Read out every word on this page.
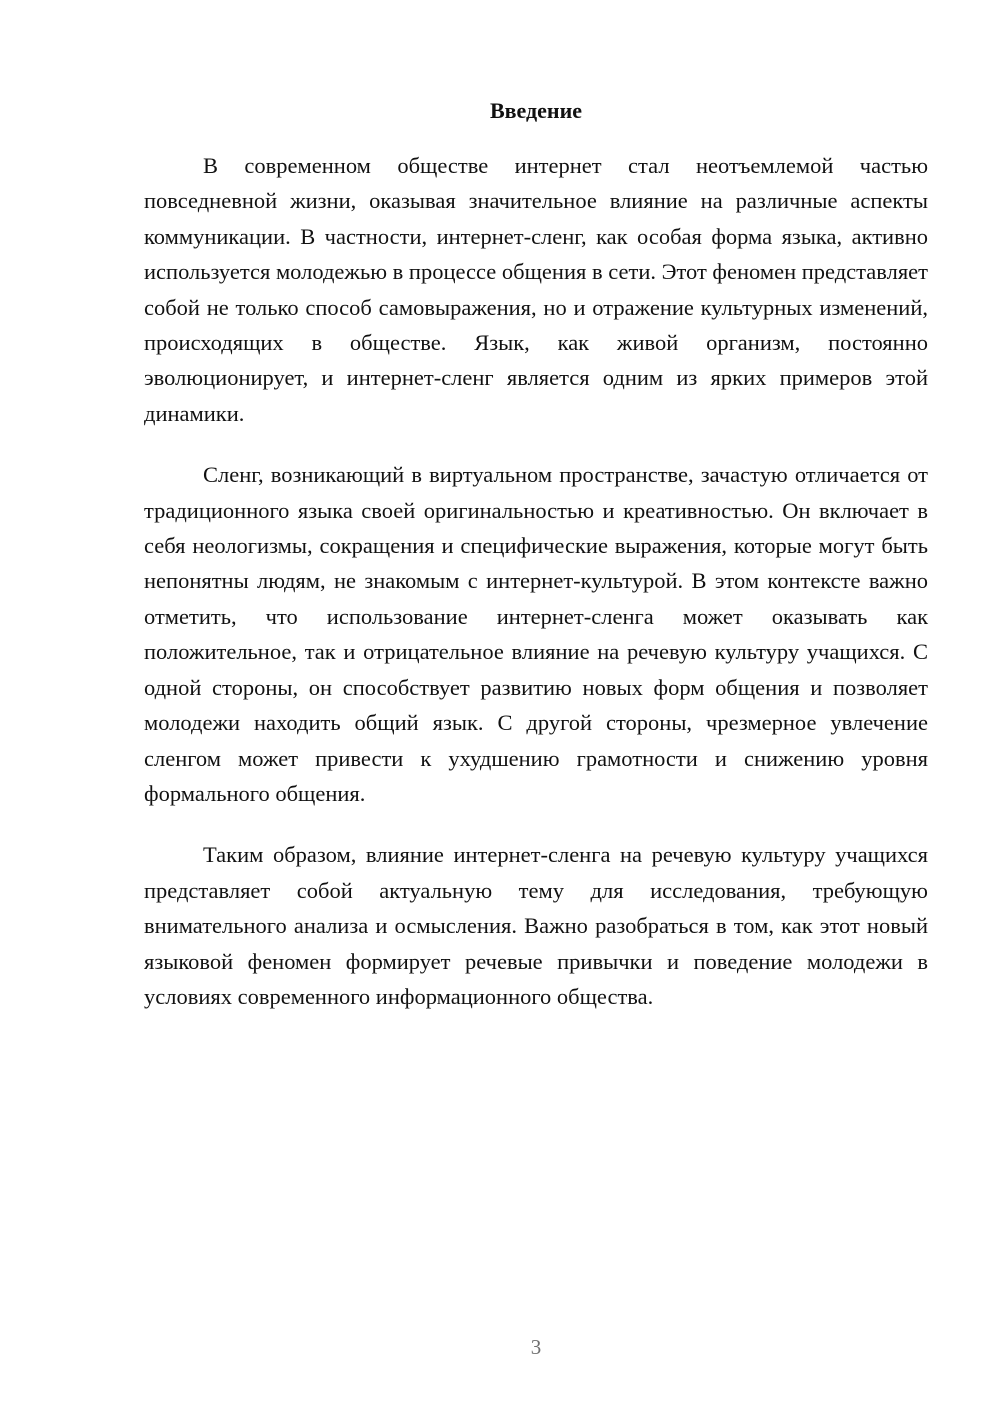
Введение

В современном обществе интернет стал неотъемлемой частью повседневной жизни, оказывая значительное влияние на различные аспекты коммуникации. В частности, интернет-сленг, как особая форма языка, активно используется молодежью в процессе общения в сети. Этот феномен представляет собой не только способ самовыражения, но и отражение культурных изменений, происходящих в обществе. Язык, как живой организм, постоянно эволюционирует, и интернет-сленг является одним из ярких примеров этой динамики.

Сленг, возникающий в виртуальном пространстве, зачастую отличается от традиционного языка своей оригинальностью и креативностью. Он включает в себя неологизмы, сокращения и специфические выражения, которые могут быть непонятны людям, не знакомым с интернет-культурой. В этом контексте важно отметить, что использование интернет-сленга может оказывать как положительное, так и отрицательное влияние на речевую культуру учащихся. С одной стороны, он способствует развитию новых форм общения и позволяет молодежи находить общий язык. С другой стороны, чрезмерное увлечение сленгом может привести к ухудшению грамотности и снижению уровня формального общения.

Таким образом, влияние интернет-сленга на речевую культуру учащихся представляет собой актуальную тему для исследования, требующую внимательного анализа и осмысления. Важно разобраться в том, как этот новый языковой феномен формирует речевые привычки и поведение молодежи в условиях современного информационного общества.

3
